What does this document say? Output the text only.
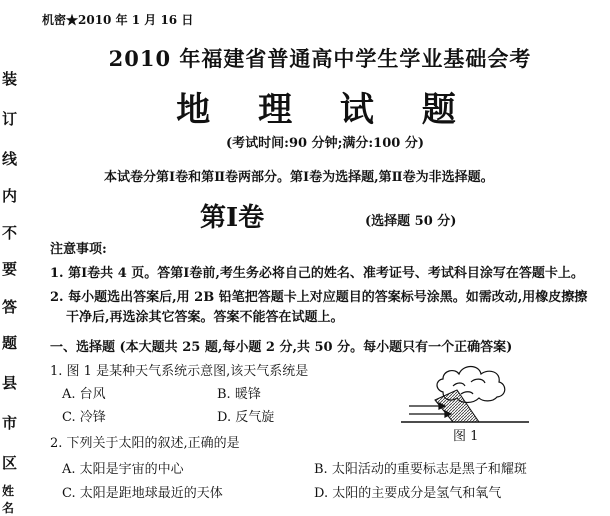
装
订
线
内
不
要
答
题
县
市
区
姓名
机密★2010 年 1 月 16 日
2010 年福建省普通高中学生学业基础会考
地 理 试 题
(考试时间:90 分钟;满分:100 分)
本试卷分第Ⅰ卷和第Ⅱ卷两部分。第Ⅰ卷为选择题,第Ⅱ卷为非选择题。
第Ⅰ卷	(选择题 50 分)
注意事项:
1. 第Ⅰ卷共 4 页。答第Ⅰ卷前,考生务必将自己的姓名、准考证号、考试科目涂写在答题卡上。
2. 每小题选出答案后,用 2B 铅笔把答题卡上对应题目的答案标号涂黑。如需改动,用橡皮擦擦
干净后,再选涂其它答案。答案不能答在试题上。
一、选择题 (本大题共 25 题,每小题 2 分,共 50 分。每小题只有一个正确答案)
1. 图 1 是某种天气系统示意图,该天气系统是
A. 台风	B. 暖锋
C. 冷锋	D. 反气旋
图 1
2. 下列关于太阳的叙述,正确的是
A. 太阳是宇宙的中心	B. 太阳活动的重要标志是黑子和耀斑
C. 太阳是距地球最近的天体	D. 太阳的主要成分是氢气和氧气
